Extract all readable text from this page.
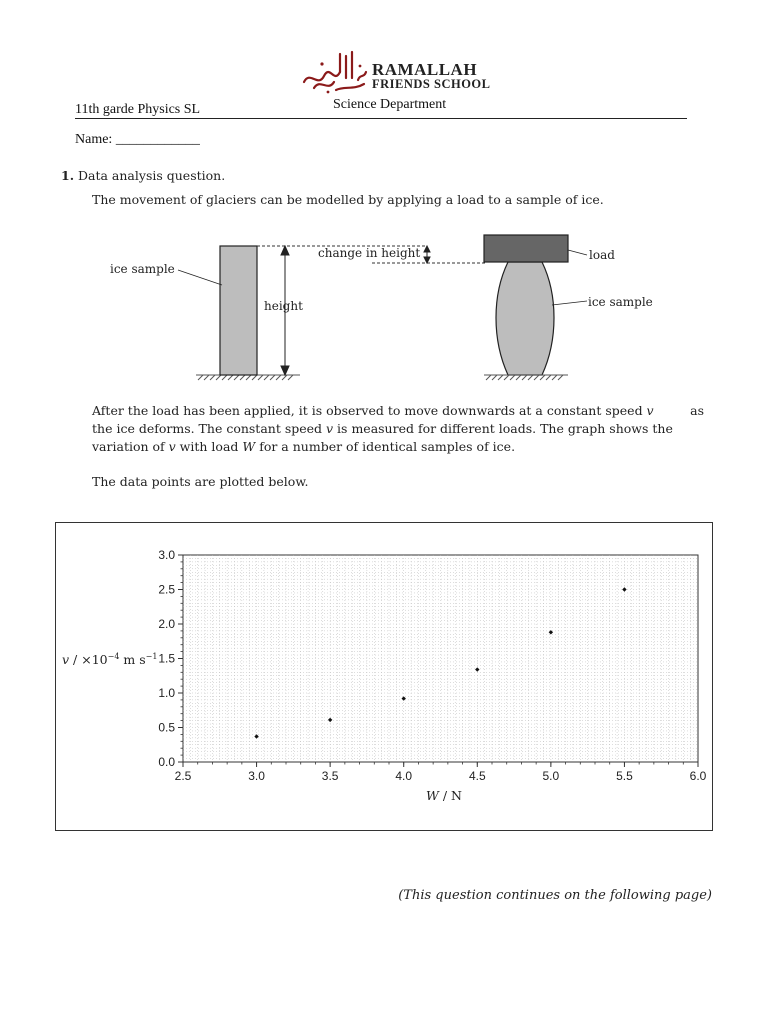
RAMALLAH
FRIENDS SCHOOL
11th garde Physics SL	Science Department
Name: ____________
1. Data analysis question.
The movement of glaciers can be modelled by applying a load to a sample of ice.
ice sample
height
change in height	load
ice sample
After the load has been applied, it is observed to move downwards at a constant speed v	as
the ice deforms. The constant speed v is measured for different loads. The graph shows the
variation of v with load W for a number of identical samples of ice.
The data points are plotted below.
2.5	3.0	3.5	4.0	4.5	5.0	5.5	6.0
0.0
0.5
1.0
1.5
2.0
2.5
3.0
$v / \times 10^{-4}$ m $s^{-1}$
W / N
(This question continues on the following page)
